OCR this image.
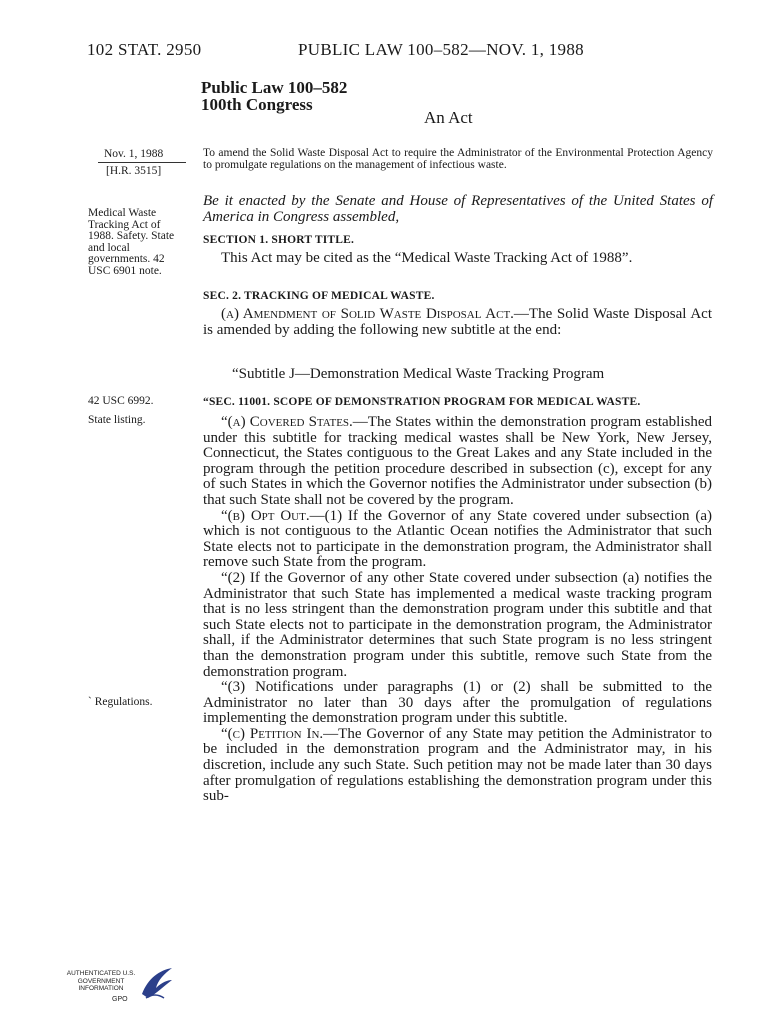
102 STAT. 2950	PUBLIC LAW 100–582—NOV. 1, 1988
Public Law 100–582
100th Congress
An Act
Nov. 1, 1988
[H.R. 3515]
To amend the Solid Waste Disposal Act to require the Administrator of the Environmental Protection Agency to promulgate regulations on the management of infectious waste.
Medical Waste Tracking Act of 1988. Safety. State and local governments. 42 USC 6901 note.
42 USC 6992.
State listing.
` Regulations.
Be it enacted by the Senate and House of Representatives of the United States of America in Congress assembled,
SECTION 1. SHORT TITLE.
This Act may be cited as the “Medical Waste Tracking Act of 1988”.
SEC. 2. TRACKING OF MEDICAL WASTE.
(a) Amendment of Solid Waste Disposal Act.—The Solid Waste Disposal Act is amended by adding the following new subtitle at the end:
“Subtitle J—Demonstration Medical Waste Tracking Program
“SEC. 11001. SCOPE OF DEMONSTRATION PROGRAM FOR MEDICAL WASTE.
“(a) Covered States.—The States within the demonstration program established under this subtitle for tracking medical wastes shall be New York, New Jersey, Connecticut, the States contiguous to the Great Lakes and any State included in the program through the petition procedure described in subsection (c), except for any of such States in which the Governor notifies the Administrator under subsection (b) that such State shall not be covered by the program.
“(b) Opt Out.—(1) If the Governor of any State covered under subsection (a) which is not contiguous to the Atlantic Ocean notifies the Administrator that such State elects not to participate in the demonstration program, the Administrator shall remove such State from the program.
“(2) If the Governor of any other State covered under subsection (a) notifies the Administrator that such State has implemented a medical waste tracking program that is no less stringent than the demonstration program under this subtitle and that such State elects not to participate in the demonstration program, the Administrator shall, if the Administrator determines that such State program is no less stringent than the demonstration program under this subtitle, remove such State from the demonstration program.
“(3) Notifications under paragraphs (1) or (2) shall be submitted to the Administrator no later than 30 days after the promulgation of regulations implementing the demonstration program under this subtitle.
“(c) Petition In.—The Governor of any State may petition the Administrator to be included in the demonstration program and the Administrator may, in his discretion, include any such State. Such petition may not be made later than 30 days after promulgation of regulations establishing the demonstration program under this sub-
AUTHENTICATED U.S. GOVERNMENT INFORMATION
GPO
